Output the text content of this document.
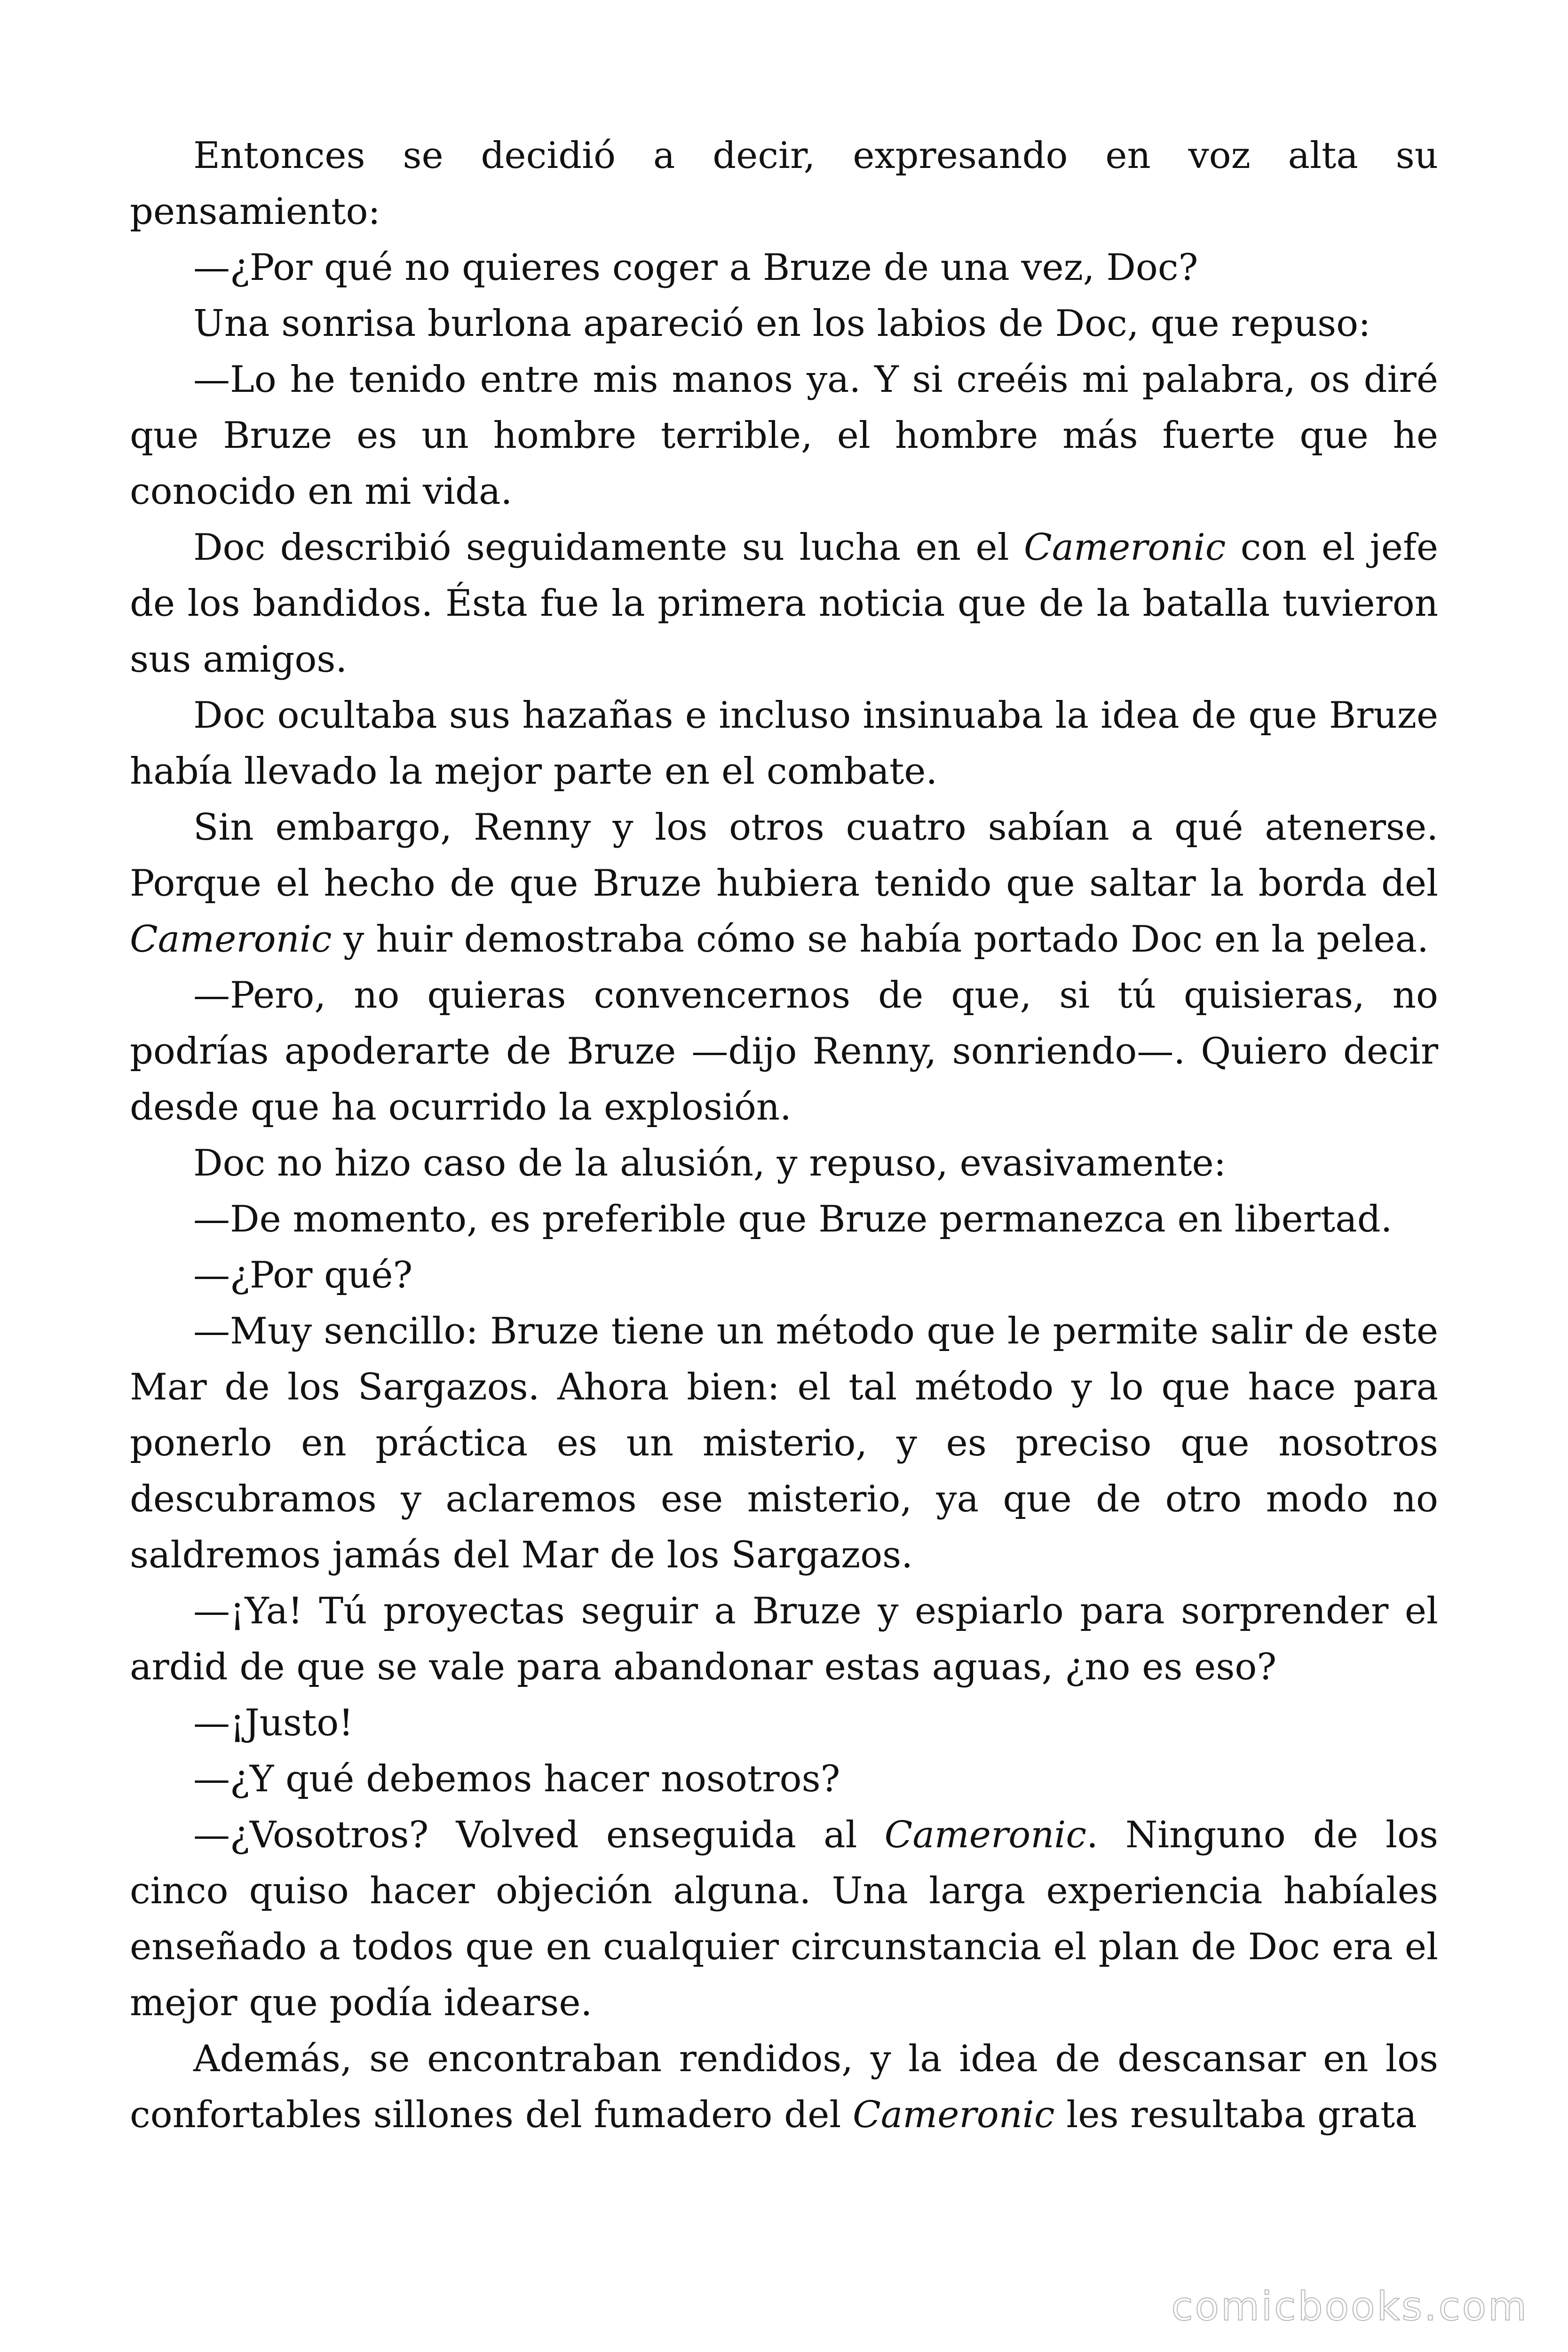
Entonces se decidió a decir, expresando en voz alta su pensamiento:

—¿Por qué no quieres coger a Bruze de una vez, Doc?

Una sonrisa burlona apareció en los labios de Doc, que repuso:

—Lo he tenido entre mis manos ya. Y si creéis mi palabra, os diré que Bruze es un hombre terrible, el hombre más fuerte que he conocido en mi vida.

Doc describió seguidamente su lucha en el Cameronic con el jefe de los bandidos. Ésta fue la primera noticia que de la batalla tuvieron sus amigos.

Doc ocultaba sus hazañas e incluso insinuaba la idea de que Bruze había llevado la mejor parte en el combate.

Sin embargo, Renny y los otros cuatro sabían a qué atenerse. Porque el hecho de que Bruze hubiera tenido que saltar la borda del Cameronic y huir demostraba cómo se había portado Doc en la pelea.

—Pero, no quieras convencernos de que, si tú quisieras, no podrías apoderarte de Bruze —dijo Renny, sonriendo—. Quiero decir desde que ha ocurrido la explosión.

Doc no hizo caso de la alusión, y repuso, evasivamente:

—De momento, es preferible que Bruze permanezca en libertad.

—¿Por qué?

—Muy sencillo: Bruze tiene un método que le permite salir de este Mar de los Sargazos. Ahora bien: el tal método y lo que hace para ponerlo en práctica es un misterio, y es preciso que nosotros descubramos y aclaremos ese misterio, ya que de otro modo no saldremos jamás del Mar de los Sargazos.

—¡Ya! Tú proyectas seguir a Bruze y espiarlo para sorprender el ardid de que se vale para abandonar estas aguas, ¿no es eso?

—¡Justo!

—¿Y qué debemos hacer nosotros?

—¿Vosotros? Volved enseguida al Cameronic. Ninguno de los cinco quiso hacer objeción alguna. Una larga experiencia habíales enseñado a todos que en cualquier circunstancia el plan de Doc era el mejor que podía idearse.

Además, se encontraban rendidos, y la idea de descansar en los confortables sillones del fumadero del Cameronic les resultaba grata

comicbooks.com
